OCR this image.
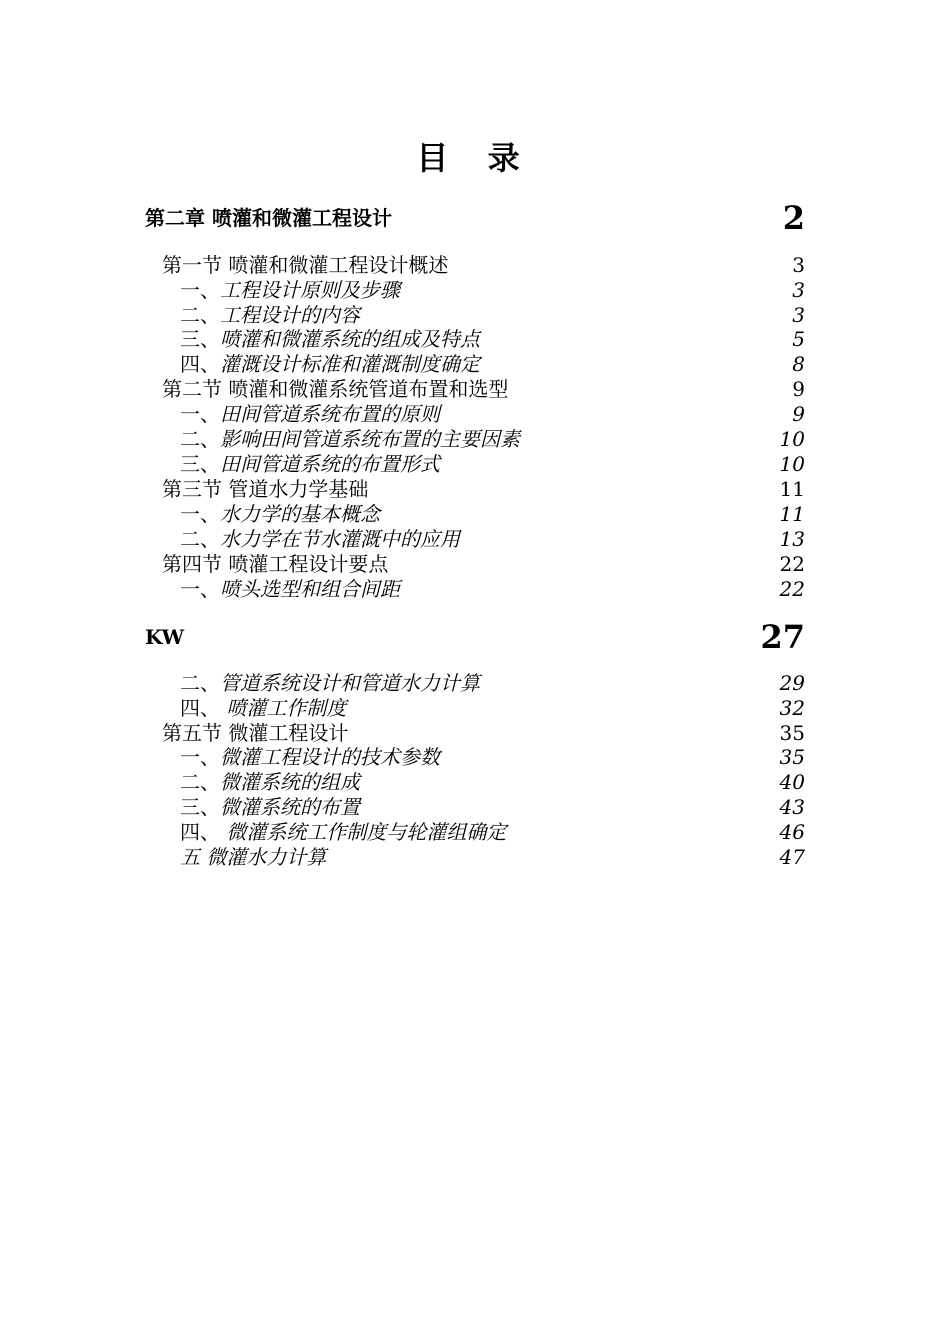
目 录
第二章 喷灌和微灌工程设计	2
第一节 喷灌和微灌工程设计概述	3
一、工程设计原则及步骤	3
二、工程设计的内容	3
三、喷灌和微灌系统的组成及特点	5
四、灌溉设计标准和灌溉制度确定	8
第二节 喷灌和微灌系统管道布置和选型	9
一、田间管道系统布置的原则	9
二、影响田间管道系统布置的主要因素	10
三、田间管道系统的布置形式	10
第三节 管道水力学基础	11
一、水力学的基本概念	11
二、水力学在节水灌溉中的应用	13
第四节 喷灌工程设计要点	22
一、喷头选型和组合间距	22
KW	27
二、管道系统设计和管道水力计算	29
四、 喷灌工作制度	32
第五节 微灌工程设计	35
一、微灌工程设计的技术参数	35
二、微灌系统的组成	40
三、微灌系统的布置	43
四、 微灌系统工作制度与轮灌组确定	46
五 微灌水力计算	47
